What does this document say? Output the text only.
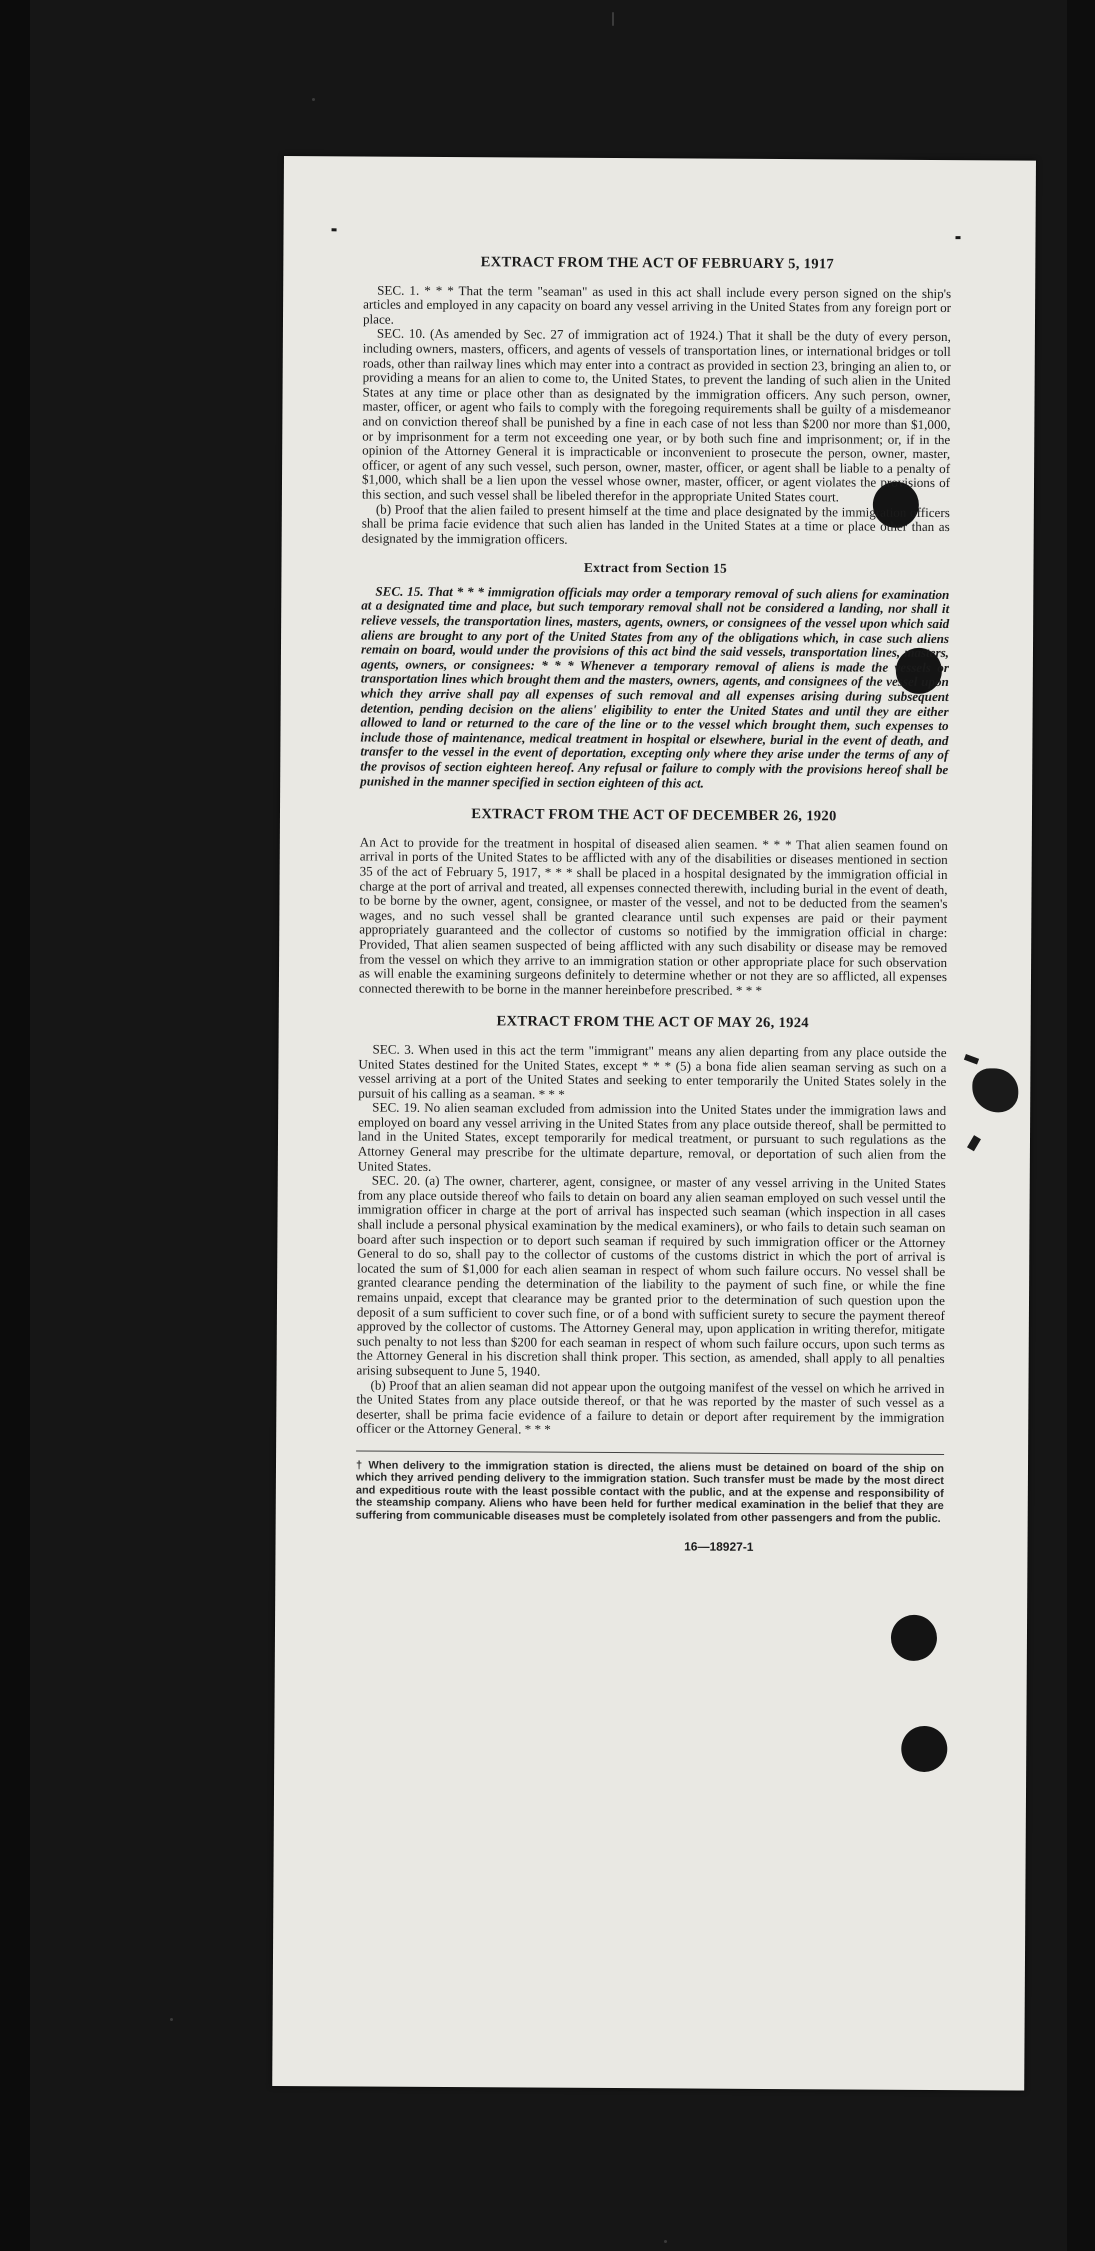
EXTRACT FROM THE ACT OF FEBRUARY 5, 1917

SEC. 1. * * * That the term "seaman" as used in this act shall include every person signed on the ship's articles and employed in any capacity on board any vessel arriving in the United States from any foreign port or place.

SEC. 10. (As amended by Sec. 27 of immigration act of 1924.) That it shall be the duty of every person, including owners, masters, officers, and agents of vessels of transportation lines, or international bridges or toll roads, other than railway lines which may enter into a contract as provided in section 23, bringing an alien to, or providing a means for an alien to come to, the United States, to prevent the landing of such alien in the United States at any time or place other than as designated by the immigration officers. Any such person, owner, master, officer, or agent who fails to comply with the foregoing requirements shall be guilty of a misdemeanor and on conviction thereof shall be punished by a fine in each case of not less than $200 nor more than $1,000, or by imprisonment for a term not exceeding one year, or by both such fine and imprisonment; or, if in the opinion of the Attorney General it is impracticable or inconvenient to prosecute the person, owner, master, officer, or agent of any such vessel, such person, owner, master, officer, or agent shall be liable to a penalty of $1,000, which shall be a lien upon the vessel whose owner, master, officer, or agent violates the provisions of this section, and such vessel shall be libeled therefor in the appropriate United States court.

(b) Proof that the alien failed to present himself at the time and place designated by the immigration officers shall be prima facie evidence that such alien has landed in the United States at a time or place other than as designated by the immigration officers.

Extract from Section 15

SEC. 15. That * * * immigration officials may order a temporary removal of such aliens for examination at a designated time and place, but such temporary removal shall not be considered a landing, nor shall it relieve vessels, the transportation lines, masters, agents, owners, or consignees of the vessel upon which said aliens are brought to any port of the United States from any of the obligations which, in case such aliens remain on board, would under the provisions of this act bind the said vessels, transportation lines, masters, agents, owners, or consignees: * * * Whenever a temporary removal of aliens is made the vessels or transportation lines which brought them and the masters, owners, agents, and consignees of the vessel upon which they arrive shall pay all expenses of such removal and all expenses arising during subsequent detention, pending decision on the aliens' eligibility to enter the United States and until they are either allowed to land or returned to the care of the line or to the vessel which brought them, such expenses to include those of maintenance, medical treatment in hospital or elsewhere, burial in the event of death, and transfer to the vessel in the event of deportation, excepting only where they arise under the terms of any of the provisos of section eighteen hereof. Any refusal or failure to comply with the provisions hereof shall be punished in the manner specified in section eighteen of this act.

EXTRACT FROM THE ACT OF DECEMBER 26, 1920

An Act to provide for the treatment in hospital of diseased alien seamen. * * * That alien seamen found on arrival in ports of the United States to be afflicted with any of the disabilities or diseases mentioned in section 35 of the act of February 5, 1917, * * * shall be placed in a hospital designated by the immigration official in charge at the port of arrival and treated, all expenses connected therewith, including burial in the event of death, to be borne by the owner, agent, consignee, or master of the vessel, and not to be deducted from the seamen's wages, and no such vessel shall be granted clearance until such expenses are paid or their payment appropriately guaranteed and the collector of customs so notified by the immigration official in charge: Provided, That alien seamen suspected of being afflicted with any such disability or disease may be removed from the vessel on which they arrive to an immigration station or other appropriate place for such observation as will enable the examining surgeons definitely to determine whether or not they are so afflicted, all expenses connected therewith to be borne in the manner hereinbefore prescribed. * * *

EXTRACT FROM THE ACT OF MAY 26, 1924

SEC. 3. When used in this act the term "immigrant" means any alien departing from any place outside the United States destined for the United States, except * * * (5) a bona fide alien seaman serving as such on a vessel arriving at a port of the United States and seeking to enter temporarily the United States solely in the pursuit of his calling as a seaman. * * *

SEC. 19. No alien seaman excluded from admission into the United States under the immigration laws and employed on board any vessel arriving in the United States from any place outside thereof, shall be permitted to land in the United States, except temporarily for medical treatment, or pursuant to such regulations as the Attorney General may prescribe for the ultimate departure, removal, or deportation of such alien from the United States.

SEC. 20. (a) The owner, charterer, agent, consignee, or master of any vessel arriving in the United States from any place outside thereof who fails to detain on board any alien seaman employed on such vessel until the immigration officer in charge at the port of arrival has inspected such seaman (which inspection in all cases shall include a personal physical examination by the medical examiners), or who fails to detain such seaman on board after such inspection or to deport such seaman if required by such immigration officer or the Attorney General to do so, shall pay to the collector of customs of the customs district in which the port of arrival is located the sum of $1,000 for each alien seaman in respect of whom such failure occurs. No vessel shall be granted clearance pending the determination of the liability to the payment of such fine, or while the fine remains unpaid, except that clearance may be granted prior to the determination of such question upon the deposit of a sum sufficient to cover such fine, or of a bond with sufficient surety to secure the payment thereof approved by the collector of customs. The Attorney General may, upon application in writing therefor, mitigate such penalty to not less than $200 for each seaman in respect of whom such failure occurs, upon such terms as the Attorney General in his discretion shall think proper. This section, as amended, shall apply to all penalties arising subsequent to June 5, 1940.

(b) Proof that an alien seaman did not appear upon the outgoing manifest of the vessel on which he arrived in the United States from any place outside thereof, or that he was reported by the master of such vessel as a deserter, shall be prima facie evidence of a failure to detain or deport after requirement by the immigration officer or the Attorney General. * * *

† When delivery to the immigration station is directed, the aliens must be detained on board of the ship on which they arrived pending delivery to the immigration station. Such transfer must be made by the most direct and expeditious route with the least possible contact with the public, and at the expense and responsibility of the steamship company. Aliens who have been held for further medical examination in the belief that they are suffering from communicable diseases must be completely isolated from other passengers and from the public.

16—18927-1
